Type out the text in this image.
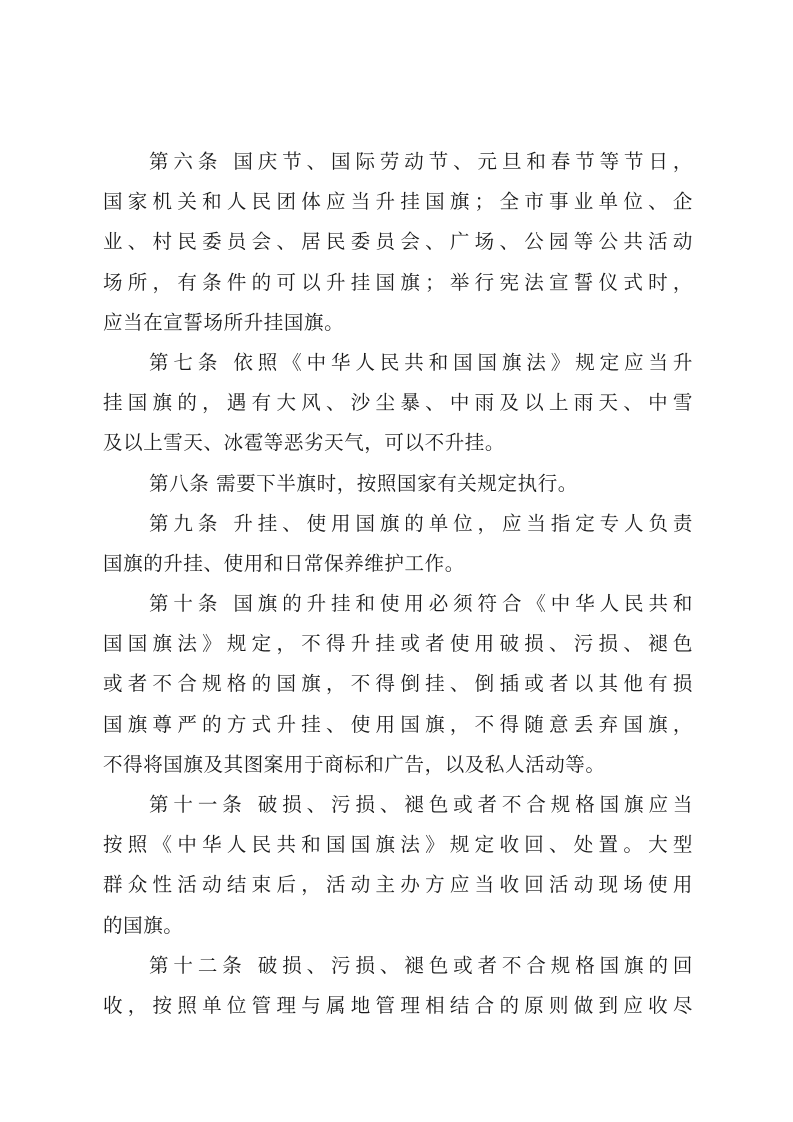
第六条 国庆节、国际劳动节、元旦和春节等节日，
国家机关和人民团体应当升挂国旗；全市事业单位、企
业、村民委员会、居民委员会、广场、公园等公共活动
场所，有条件的可以升挂国旗；举行宪法宣誓仪式时，
应当在宣誓场所升挂国旗。
第七条 依照《中华人民共和国国旗法》规定应当升
挂国旗的，遇有大风、沙尘暴、中雨及以上雨天、中雪
及以上雪天、冰雹等恶劣天气，可以不升挂。
第八条 需要下半旗时，按照国家有关规定执行。
第九条 升挂、使用国旗的单位，应当指定专人负责
国旗的升挂、使用和日常保养维护工作。
第十条 国旗的升挂和使用必须符合《中华人民共和
国国旗法》规定，不得升挂或者使用破损、污损、褪色
或者不合规格的国旗，不得倒挂、倒插或者以其他有损
国旗尊严的方式升挂、使用国旗，不得随意丢弃国旗，
不得将国旗及其图案用于商标和广告，以及私人活动等。
第十一条 破损、污损、褪色或者不合规格国旗应当
按照《中华人民共和国国旗法》规定收回、处置。大型
群众性活动结束后，活动主办方应当收回活动现场使用
的国旗。
第十二条 破损、污损、褪色或者不合规格国旗的回
收，按照单位管理与属地管理相结合的原则做到应收尽
